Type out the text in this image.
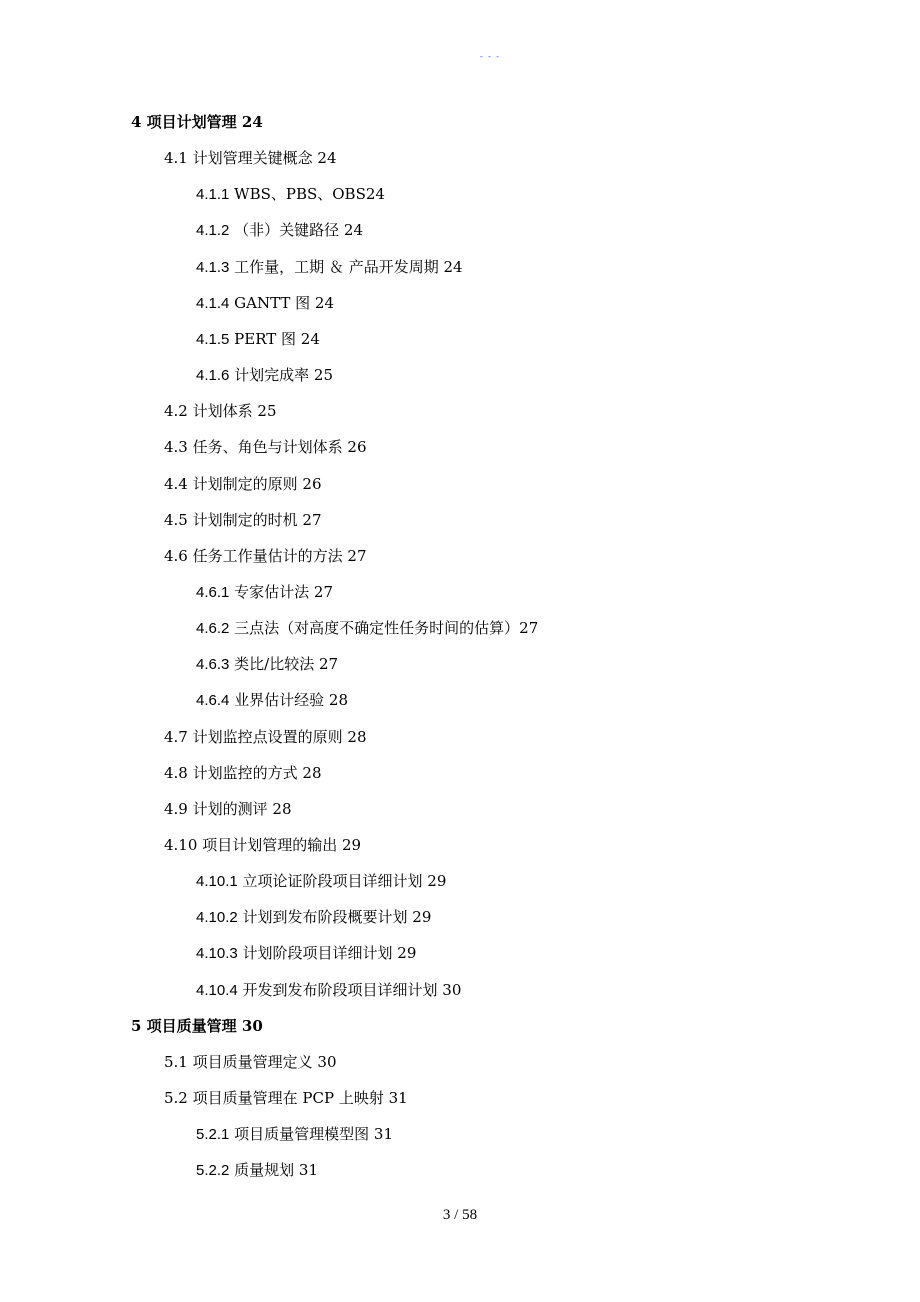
- - -
4 项目计划管理 24
4.1 计划管理关键概念 24
4.1.1 WBS、PBS、OBS24
4.1.2 （非）关键路径 24
4.1.3 工作量，工期 ＆ 产品开发周期 24
4.1.4 GANTT 图 24
4.1.5 PERT 图 24
4.1.6 计划完成率 25
4.2 计划体系 25
4.3 任务、角色与计划体系 26
4.4 计划制定的原则 26
4.5 计划制定的时机 27
4.6 任务工作量估计的方法 27
4.6.1 专家估计法 27
4.6.2 三点法（对高度不确定性任务时间的估算）27
4.6.3 类比/比较法 27
4.6.4 业界估计经验 28
4.7 计划监控点设置的原则 28
4.8 计划监控的方式 28
4.9 计划的测评 28
4.10 项目计划管理的输出 29
4.10.1 立项论证阶段项目详细计划 29
4.10.2 计划到发布阶段概要计划 29
4.10.3 计划阶段项目详细计划 29
4.10.4 开发到发布阶段项目详细计划 30
5 项目质量管理 30
5.1 项目质量管理定义 30
5.2 项目质量管理在 PCP 上映射 31
5.2.1 项目质量管理模型图 31
5.2.2 质量规划 31
3 / 58
